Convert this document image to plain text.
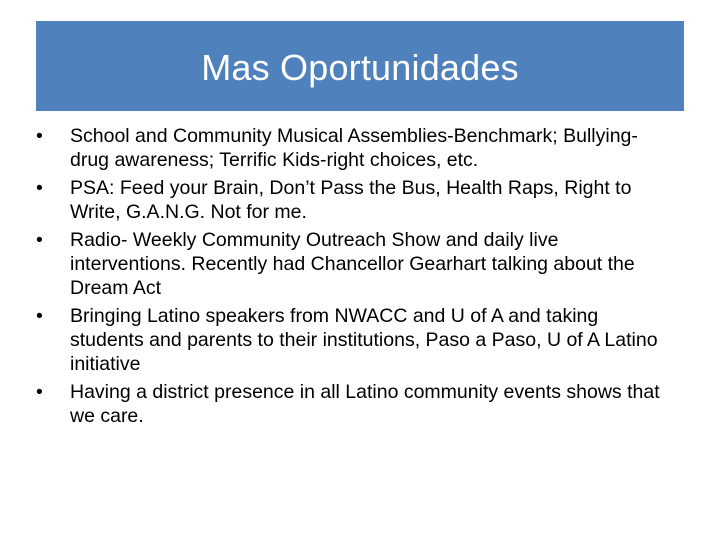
Mas Oportunidades
•	School and Community Musical Assemblies-Benchmark; Bullying-drug awareness; Terrific Kids-right choices, etc.
•	PSA: Feed your Brain, Don’t Pass the Bus, Health Raps, Right to Write, G.A.N.G. Not for me.
•	Radio- Weekly Community Outreach Show and daily live interventions. Recently had Chancellor Gearhart talking about the Dream Act
•	Bringing Latino speakers from NWACC and U of A and taking students and parents to their institutions, Paso a Paso, U of A Latino initiative
•	Having a district presence in all Latino community events shows that we care.
